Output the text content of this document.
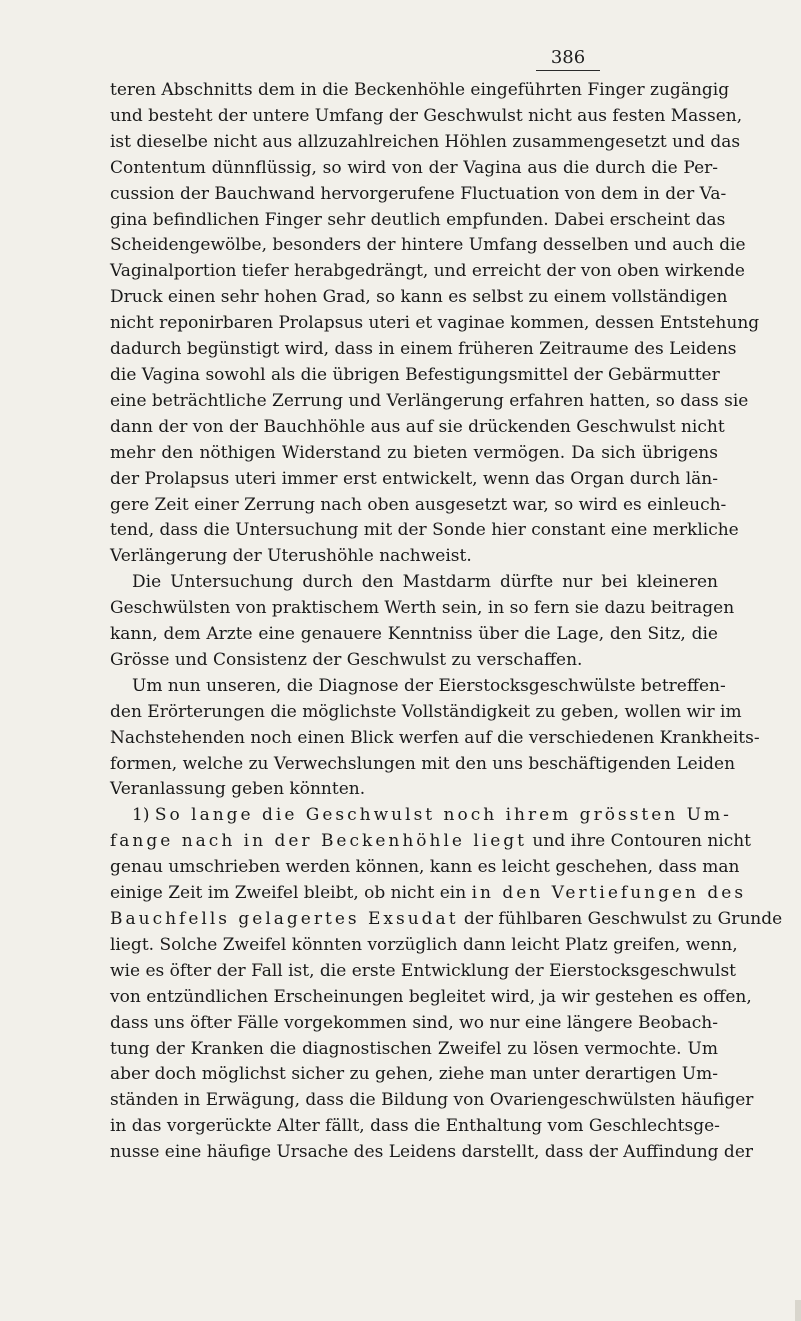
386
teren Abschnitts dem in die Beckenhöhle eingeführten Finger zugängig
und besteht der untere Umfang der Geschwulst nicht aus festen Massen,
ist dieselbe nicht aus allzuzahlreichen Höhlen zusammengesetzt und das
Contentum dünnflüssig, so wird von der Vagina aus die durch die Per-
cussion der Bauchwand hervorgerufene Fluctuation von dem in der Va-
gina befindlichen Finger sehr deutlich empfunden. Dabei erscheint das
Scheidengewölbe, besonders der hintere Umfang desselben und auch die
Vaginalportion tiefer herabgedrängt, und erreicht der von oben wirkende
Druck einen sehr hohen Grad, so kann es selbst zu einem vollständigen
nicht reponirbaren Prolapsus uteri et vaginae kommen, dessen Entstehung
dadurch begünstigt wird, dass in einem früheren Zeitraume des Leidens
die Vagina sowohl als die übrigen Befestigungsmittel der Gebärmutter
eine beträchtliche Zerrung und Verlängerung erfahren hatten, so dass sie
dann der von der Bauchhöhle aus auf sie drückenden Geschwulst nicht
mehr den nöthigen Widerstand zu bieten vermögen. Da sich übrigens
der Prolapsus uteri immer erst entwickelt, wenn das Organ durch län-
gere Zeit einer Zerrung nach oben ausgesetzt war, so wird es einleuch-
tend, dass die Untersuchung mit der Sonde hier constant eine merkliche
Verlängerung der Uterushöhle nachweist.
Die Untersuchung durch den Mastdarm dürfte nur bei kleineren
Geschwülsten von praktischem Werth sein, in so fern sie dazu beitragen
kann, dem Arzte eine genauere Kenntniss über die Lage, den Sitz, die
Grösse und Consistenz der Geschwulst zu verschaffen.
Um nun unseren, die Diagnose der Eierstocksgeschwülste betreffen-
den Erörterungen die möglichste Vollständigkeit zu geben, wollen wir im
Nachstehenden noch einen Blick werfen auf die verschiedenen Krankheits-
formen, welche zu Verwechslungen mit den uns beschäftigenden Leiden
Veranlassung geben könnten.
1) So lange die Geschwulst noch ihrem grössten Um-
fange nach in der Beckenhöhle liegt und ihre Contouren nicht
genau umschrieben werden können, kann es leicht geschehen, dass man
einige Zeit im Zweifel bleibt, ob nicht ein in den Vertiefungen des
Bauchfells gelagertes Exsudat der fühlbaren Geschwulst zu Grunde
liegt. Solche Zweifel könnten vorzüglich dann leicht Platz greifen, wenn,
wie es öfter der Fall ist, die erste Entwicklung der Eierstocksgeschwulst
von entzündlichen Erscheinungen begleitet wird, ja wir gestehen es offen,
dass uns öfter Fälle vorgekommen sind, wo nur eine längere Beobach-
tung der Kranken die diagnostischen Zweifel zu lösen vermochte. Um
aber doch möglichst sicher zu gehen, ziehe man unter derartigen Um-
ständen in Erwägung, dass die Bildung von Ovariengeschwülsten häufiger
in das vorgerückte Alter fällt, dass die Enthaltung vom Geschlechtsge-
nusse eine häufige Ursache des Leidens darstellt, dass der Auffindung der
